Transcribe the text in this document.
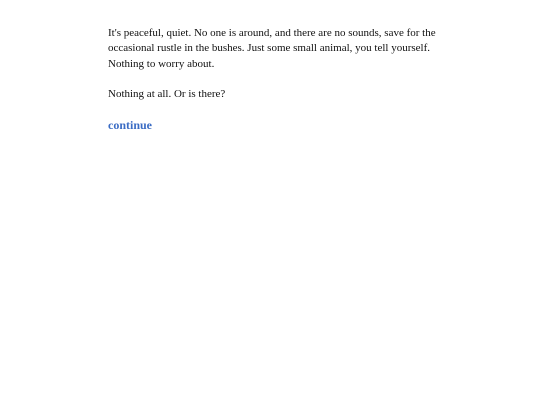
It's peaceful, quiet. No one is around, and there are no sounds, save for the occasional rustle in the bushes. Just some small animal, you tell yourself. Nothing to worry about.

Nothing at all. Or is there?

continue
